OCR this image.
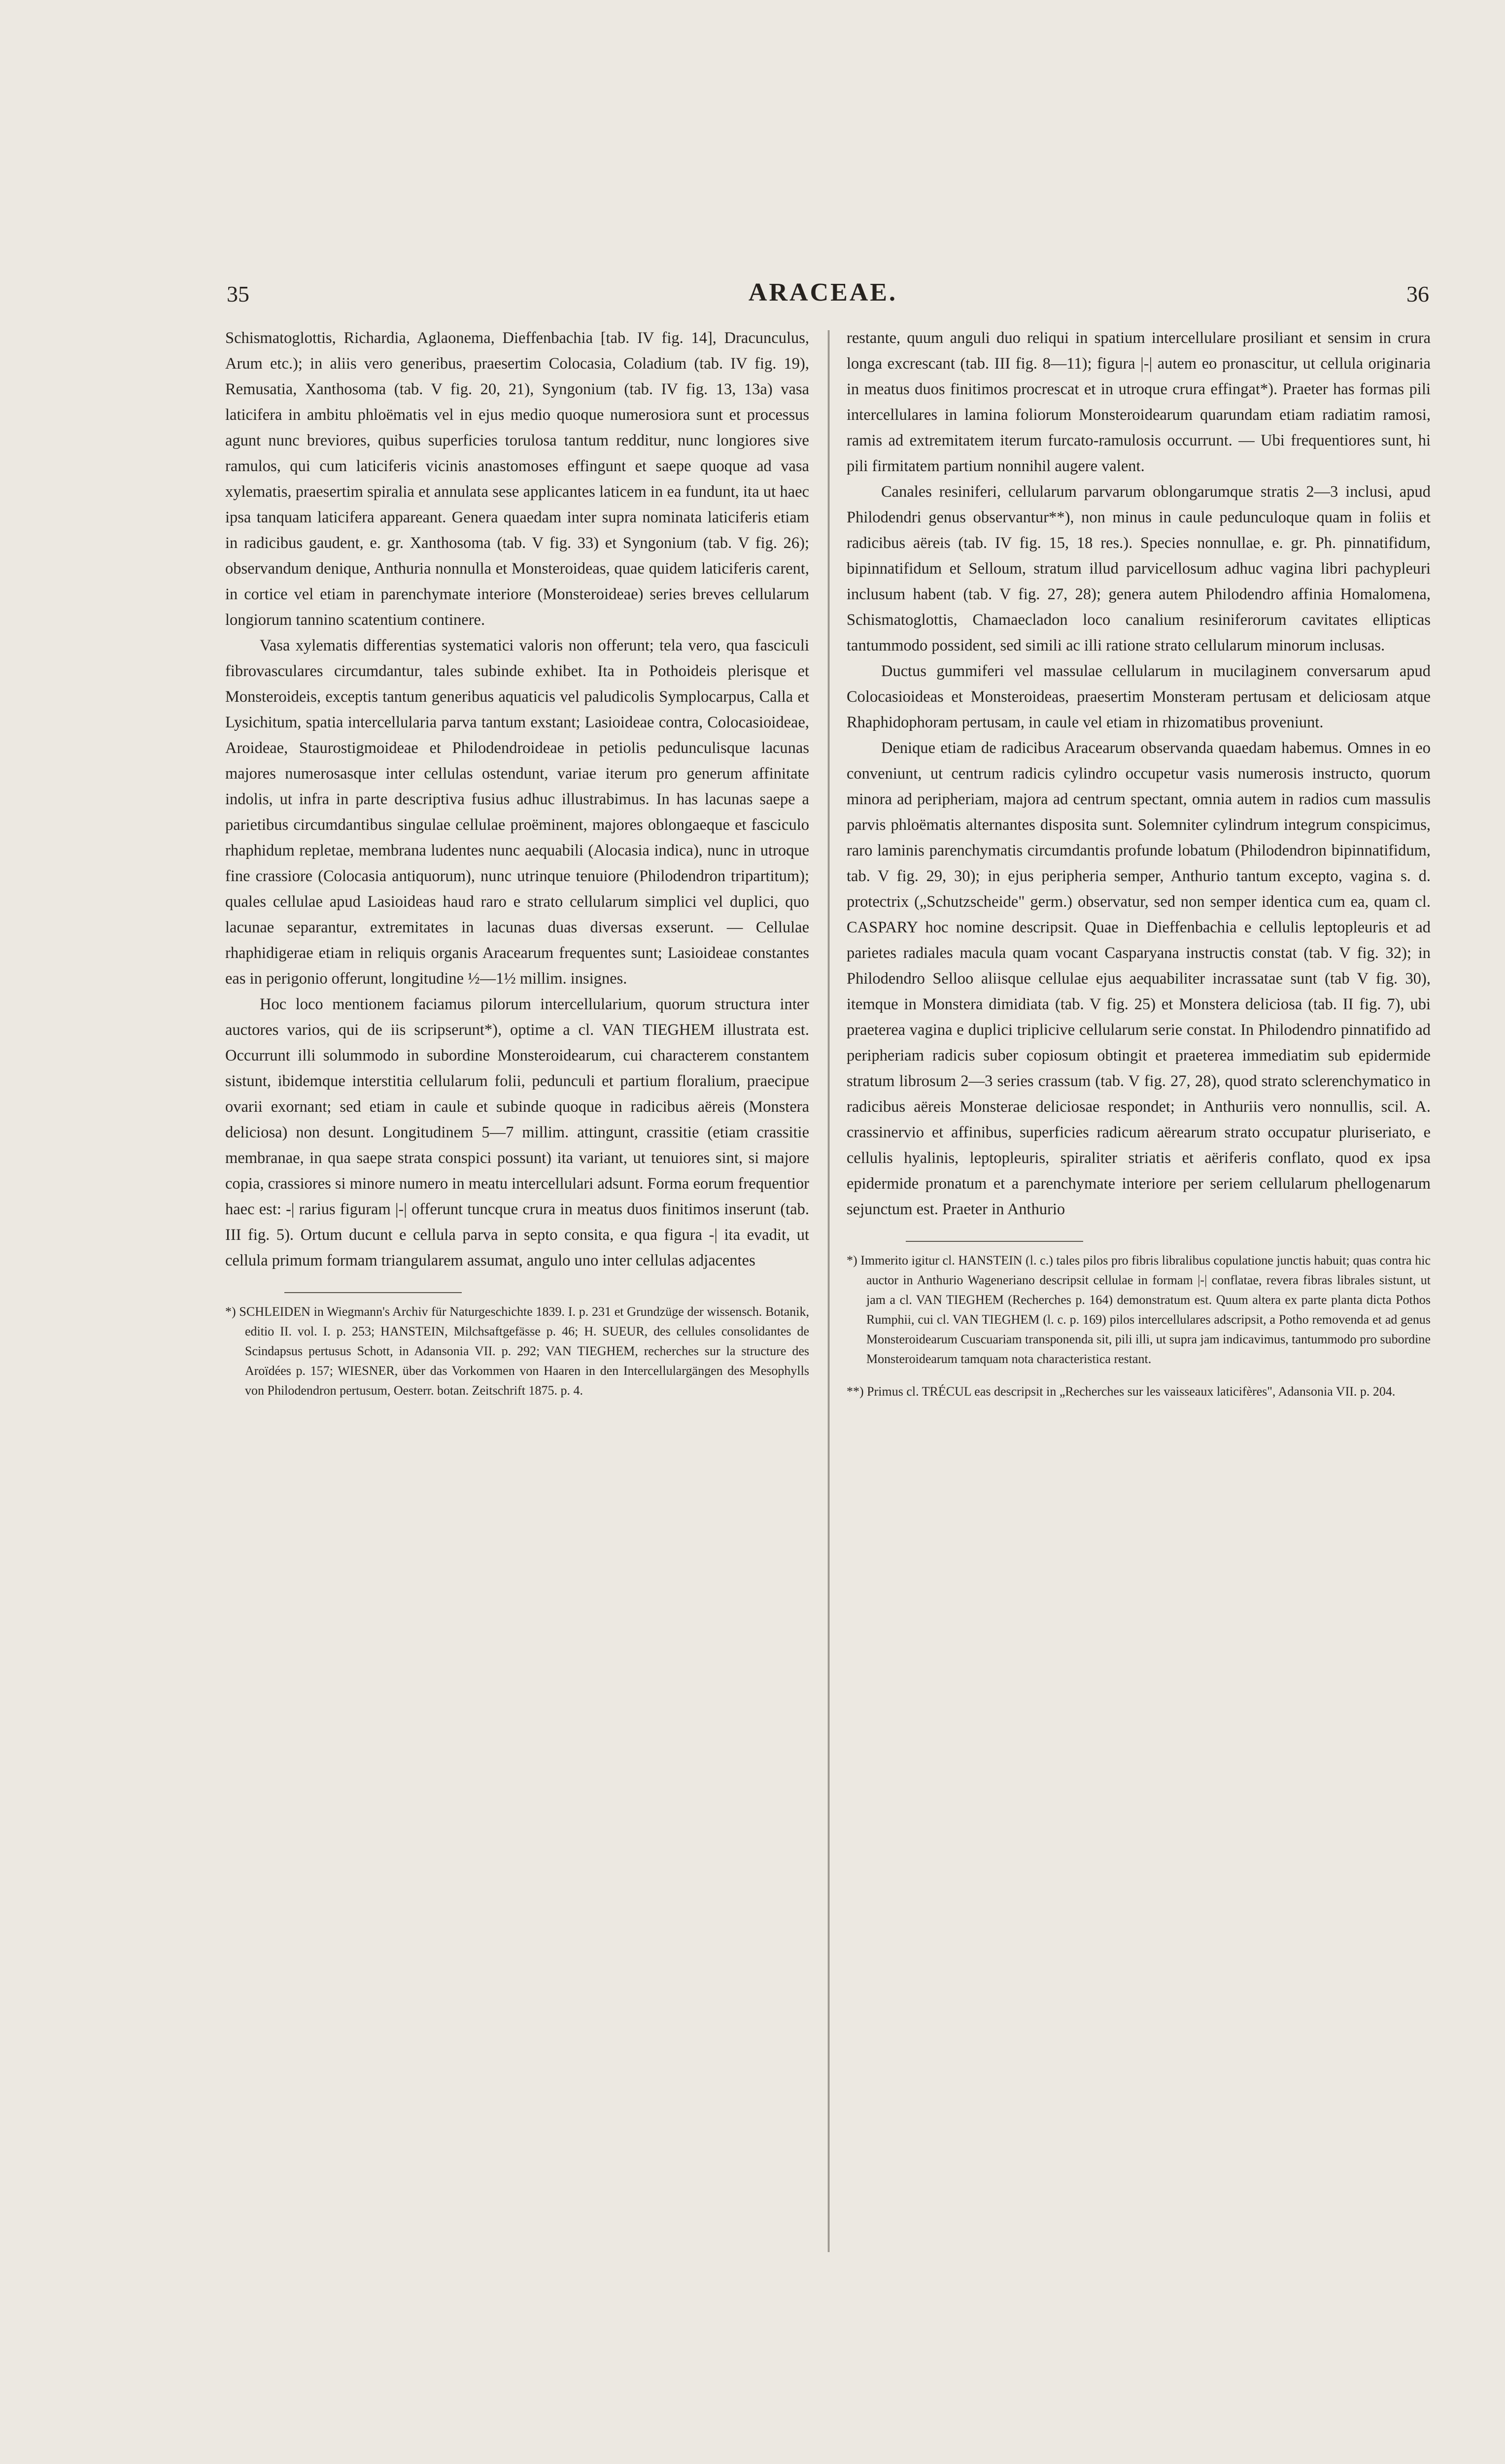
35	ARACEAE.	36

Schismatoglottis, Richardia, Aglaonema, Dieffenbachia [tab. IV fig. 14], Dracunculus, Arum etc.); in aliis vero generibus, praesertim Colocasia, Coladium (tab. IV fig. 19), Remusatia, Xanthosoma (tab. V fig. 20, 21), Syngonium (tab. IV fig. 13, 13a) vasa laticifera in ambitu phloëmatis vel in ejus medio quoque numerosiora sunt et processus agunt nunc breviores, quibus superficies torulosa tantum redditur, nunc longiores sive ramulos, qui cum laticiferis vicinis anastomoses effingunt et saepe quoque ad vasa xylematis, praesertim spiralia et annulata sese applicantes laticem in ea fundunt, ita ut haec ipsa tanquam laticifera appareant. Genera quaedam inter supra nominata laticiferis etiam in radicibus gaudent, e. gr. Xanthosoma (tab. V fig. 33) et Syngonium (tab. V fig. 26); observandum denique, Anthuria nonnulla et Monsteroideas, quae quidem laticiferis carent, in cortice vel etiam in parenchymate interiore (Monsteroideae) series breves cellularum longiorum tannino scatentium continere.

Vasa xylematis differentias systematici valoris non offerunt; tela vero, qua fasciculi fibrovasculares circumdantur, tales subinde exhibet. Ita in Pothoideis plerisque et Monsteroideis, exceptis tantum generibus aquaticis vel paludicolis Symplocarpus, Calla et Lysichitum, spatia intercellularia parva tantum exstant; Lasioideae contra, Colocasioideae, Aroideae, Staurostigmoideae et Philodendroideae in petiolis pedunculisque lacunas majores numerosasque inter cellulas ostendunt, variae iterum pro generum affinitate indolis, ut infra in parte descriptiva fusius adhuc illustrabimus. In has lacunas saepe a parietibus circumdantibus singulae cellulae proëminent, majores oblongaeque et fasciculo rhaphidum repletae, membrana ludentes nunc aequabili (Alocasia indica), nunc in utroque fine crassiore (Colocasia antiquorum), nunc utrinque tenuiore (Philodendron tripartitum); quales cellulae apud Lasioideas haud raro e strato cellularum simplici vel duplici, quo lacunae separantur, extremitates in lacunas duas diversas exserunt. — Cellulae rhaphidigerae etiam in reliquis organis Aracearum frequentes sunt; Lasioideae constantes eas in perigonio offerunt, longitudine ½—1½ millim. insignes.

Hoc loco mentionem faciamus pilorum intercellularium, quorum structura inter auctores varios, qui de iis scripserunt*), optime a cl. VAN TIEGHEM illustrata est. Occurrunt illi solummodo in subordine Monsteroidearum, cui characterem constantem sistunt, ibidemque interstitia cellularum folii, pedunculi et partium floralium, praecipue ovarii exornant; sed etiam in caule et subinde quoque in radicibus aëreis (Monstera deliciosa) non desunt. Longitudinem 5—7 millim. attingunt, crassitie (etiam crassitie membranae, in qua saepe strata conspici possunt) ita variant, ut tenuiores sint, si majore copia, crassiores si minore numero in meatu intercellulari adsunt. Forma eorum frequentior haec est: -| rarius figuram |-| offerunt tuncque crura in meatus duos finitimos inserunt (tab. III fig. 5). Ortum ducunt e cellula parva in septo consita, e qua figura -| ita evadit, ut cellula primum formam triangularem assumat, angulo uno inter cellulas adjacentes

*) SCHLEIDEN in Wiegmann's Archiv für Naturgeschichte 1839. I. p. 231 et Grundzüge der wissensch. Botanik, editio II. vol. I. p. 253; HANSTEIN, Milchsaftgefässe p. 46; H. SUEUR, des cellules consolidantes de Scindapsus pertusus Schott, in Adansonia VII. p. 292; VAN TIEGHEM, recherches sur la structure des Aroïdées p. 157; WIESNER, über das Vorkommen von Haaren in den Intercellulargängen des Mesophylls von Philodendron pertusum, Oesterr. botan. Zeitschrift 1875. p. 4.

restante, quum anguli duo reliqui in spatium intercellulare prosiliant et sensim in crura longa excrescant (tab. III fig. 8—11); figura |-| autem eo pronascitur, ut cellula originaria in meatus duos finitimos procrescat et in utroque crura effingat*). Praeter has formas pili intercellulares in lamina foliorum Monsteroidearum quarundam etiam radiatim ramosi, ramis ad extremitatem iterum furcato-ramulosis occurrunt. — Ubi frequentiores sunt, hi pili firmitatem partium nonnihil augere valent.

Canales resiniferi, cellularum parvarum oblongarumque stratis 2—3 inclusi, apud Philodendri genus observantur**), non minus in caule pedunculoque quam in foliis et radicibus aëreis (tab. IV fig. 15, 18 res.). Species nonnullae, e. gr. Ph. pinnatifidum, bipinnatifidum et Selloum, stratum illud parvicellosum adhuc vagina libri pachypleuri inclusum habent (tab. V fig. 27, 28); genera autem Philodendro affinia Homalomena, Schismatoglottis, Chamaecladon loco canalium resiniferorum cavitates ellipticas tantummodo possident, sed simili ac illi ratione strato cellularum minorum inclusas.

Ductus gummiferi vel massulae cellularum in mucilaginem conversarum apud Colocasioideas et Monsteroideas, praesertim Monsteram pertusam et deliciosam atque Rhaphidophoram pertusam, in caule vel etiam in rhizomatibus proveniunt.

Denique etiam de radicibus Aracearum observanda quaedam habemus. Omnes in eo conveniunt, ut centrum radicis cylindro occupetur vasis numerosis instructo, quorum minora ad peripheriam, majora ad centrum spectant, omnia autem in radios cum massulis parvis phloëmatis alternantes disposita sunt. Solemniter cylindrum integrum conspicimus, raro laminis parenchymatis circumdantis profunde lobatum (Philodendron bipinnatifidum, tab. V fig. 29, 30); in ejus peripheria semper, Anthurio tantum excepto, vagina s. d. protectrix („Schutzscheide" germ.) observatur, sed non semper identica cum ea, quam cl. CASPARY hoc nomine descripsit. Quae in Dieffenbachia e cellulis leptopleuris et ad parietes radiales macula quam vocant Casparyana instructis constat (tab. V fig. 32); in Philodendro Selloo aliisque cellulae ejus aequabiliter incrassatae sunt (tab V fig. 30), itemque in Monstera dimidiata (tab. V fig. 25) et Monstera deliciosa (tab. II fig. 7), ubi praeterea vagina e duplici triplicive cellularum serie constat. In Philodendro pinnatifido ad peripheriam radicis suber copiosum obtingit et praeterea immediatim sub epidermide stratum librosum 2—3 series crassum (tab. V fig. 27, 28), quod strato sclerenchymatico in radicibus aëreis Monsterae deliciosae respondet; in Anthuriis vero nonnullis, scil. A. crassinervio et affinibus, superficies radicum aërearum strato occupatur pluriseriato, e cellulis hyalinis, leptopleuris, spiraliter striatis et aëriferis conflato, quod ex ipsa epidermide pronatum et a parenchymate interiore per seriem cellularum phellogenarum sejunctum est. Praeter in Anthurio

*) Immerito igitur cl. HANSTEIN (l. c.) tales pilos pro fibris libralibus copulatione junctis habuit; quas contra hic auctor in Anthurio Wageneriano descripsit cellulae in formam |-| conflatae, revera fibras librales sistunt, ut jam a cl. VAN TIEGHEM (Recherches p. 164) demonstratum est. Quum altera ex parte planta dicta Pothos Rumphii, cui cl. VAN TIEGHEM (l. c. p. 169) pilos intercellulares adscripsit, a Potho removenda et ad genus Monsteroidearum Cuscuariam transponenda sit, pili illi, ut supra jam indicavimus, tantummodo pro subordine Monsteroidearum tamquam nota characteristica restant.
**) Primus cl. TRÉCUL eas descripsit in „Recherches sur les vaisseaux laticifères", Adansonia VII. p. 204.
